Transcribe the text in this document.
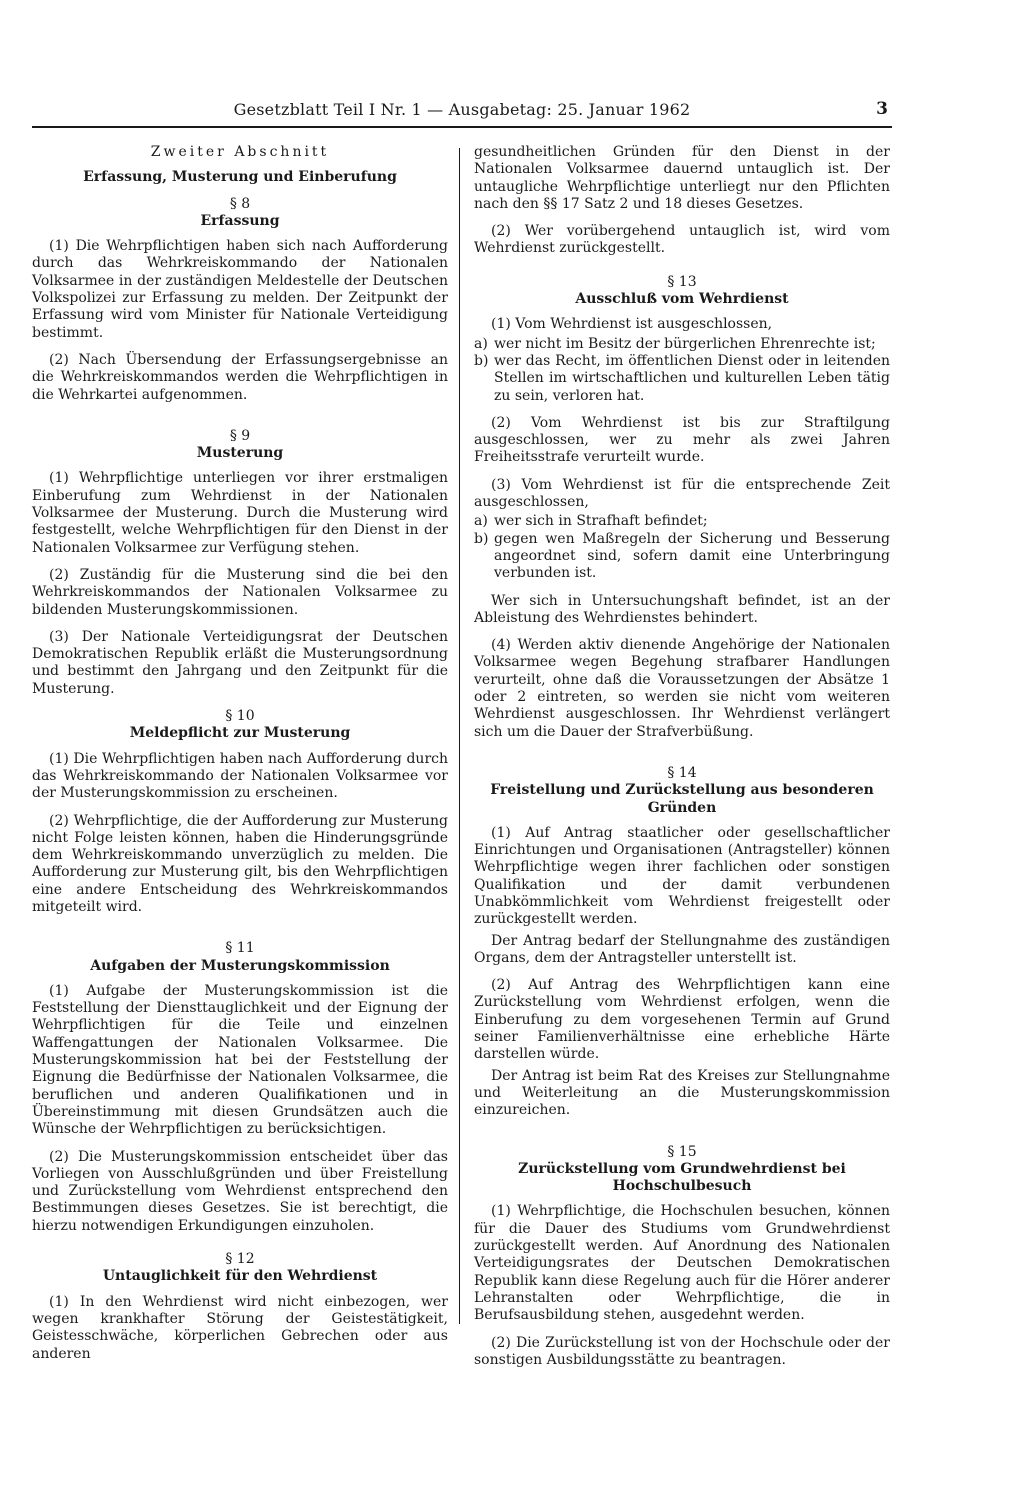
Gesetzblatt Teil I Nr. 1 — Ausgabetag: 25. Januar 1962	3
Zweiter Abschnitt
Erfassung, Musterung und Einberufung
§ 8
Erfassung

(1) Die Wehrpflichtigen haben sich nach Aufforderung durch das Wehrkreiskommando der Nationalen Volksarmee in der zuständigen Meldestelle der Deutschen Volkspolizei zur Erfassung zu melden. Der Zeitpunkt der Erfassung wird vom Minister für Nationale Verteidigung bestimmt.

(2) Nach Übersendung der Erfassungsergebnisse an die Wehrkreiskommandos werden die Wehrpflichtigen in die Wehrkartei aufgenommen.

§ 9
Musterung

(1) Wehrpflichtige unterliegen vor ihrer erstmaligen Einberufung zum Wehrdienst in der Nationalen Volksarmee der Musterung. Durch die Musterung wird festgestellt, welche Wehrpflichtigen für den Dienst in der Nationalen Volksarmee zur Verfügung stehen.

(2) Zuständig für die Musterung sind die bei den Wehrkreiskommandos der Nationalen Volksarmee zu bildenden Musterungskommissionen.

(3) Der Nationale Verteidigungsrat der Deutschen Demokratischen Republik erläßt die Musterungsordnung und bestimmt den Jahrgang und den Zeitpunkt für die Musterung.

§ 10
Meldepflicht zur Musterung

(1) Die Wehrpflichtigen haben nach Aufforderung durch das Wehrkreiskommando der Nationalen Volksarmee vor der Musterungskommission zu erscheinen.

(2) Wehrpflichtige, die der Aufforderung zur Musterung nicht Folge leisten können, haben die Hinderungsgründe dem Wehrkreiskommando unverzüglich zu melden. Die Aufforderung zur Musterung gilt, bis den Wehrpflichtigen eine andere Entscheidung des Wehrkreiskommandos mitgeteilt wird.

§ 11
Aufgaben der Musterungskommission

(1) Aufgabe der Musterungskommission ist die Feststellung der Diensttauglichkeit und der Eignung der Wehrpflichtigen für die Teile und einzelnen Waffengattungen der Nationalen Volksarmee. Die Musterungskommission hat bei der Feststellung der Eignung die Bedürfnisse der Nationalen Volksarmee, die beruflichen und anderen Qualifikationen und in Übereinstimmung mit diesen Grundsätzen auch die Wünsche der Wehrpflichtigen zu berücksichtigen.

(2) Die Musterungskommission entscheidet über das Vorliegen von Ausschlußgründen und über Freistellung und Zurückstellung vom Wehrdienst entsprechend den Bestimmungen dieses Gesetzes. Sie ist berechtigt, die hierzu notwendigen Erkundigungen einzuholen.

§ 12
Untauglichkeit für den Wehrdienst

(1) In den Wehrdienst wird nicht einbezogen, wer wegen krankhafter Störung der Geistestätigkeit, Geistesschwäche, körperlichen Gebrechen oder aus anderen

gesundheitlichen Gründen für den Dienst in der Nationalen Volksarmee dauernd untauglich ist. Der untaugliche Wehrpflichtige unterliegt nur den Pflichten nach den §§ 17 Satz 2 und 18 dieses Gesetzes.

(2) Wer vorübergehend untauglich ist, wird vom Wehrdienst zurückgestellt.

§ 13
Ausschluß vom Wehrdienst

(1) Vom Wehrdienst ist ausgeschlossen,

a) wer nicht im Besitz der bürgerlichen Ehrenrechte ist;
b) wer das Recht, im öffentlichen Dienst oder in leitenden Stellen im wirtschaftlichen und kulturellen Leben tätig zu sein, verloren hat.

(2) Vom Wehrdienst ist bis zur Straftilgung ausgeschlossen, wer zu mehr als zwei Jahren Freiheitsstrafe verurteilt wurde.

(3) Vom Wehrdienst ist für die entsprechende Zeit ausgeschlossen,

a) wer sich in Strafhaft befindet;
b) gegen wen Maßregeln der Sicherung und Besserung angeordnet sind, sofern damit eine Unterbringung verbunden ist.

Wer sich in Untersuchungshaft befindet, ist an der Ableistung des Wehrdienstes behindert.

(4) Werden aktiv dienende Angehörige der Nationalen Volksarmee wegen Begehung strafbarer Handlungen verurteilt, ohne daß die Voraussetzungen der Absätze 1 oder 2 eintreten, so werden sie nicht vom weiteren Wehrdienst ausgeschlossen. Ihr Wehrdienst verlängert sich um die Dauer der Strafverbüßung.

§ 14
Freistellung und Zurückstellung aus besonderen Gründen

(1) Auf Antrag staatlicher oder gesellschaftlicher Einrichtungen und Organisationen (Antragsteller) können Wehrpflichtige wegen ihrer fachlichen oder sonstigen Qualifikation und der damit verbundenen Unabkömmlichkeit vom Wehrdienst freigestellt oder zurückgestellt werden.

Der Antrag bedarf der Stellungnahme des zuständigen Organs, dem der Antragsteller unterstellt ist.

(2) Auf Antrag des Wehrpflichtigen kann eine Zurückstellung vom Wehrdienst erfolgen, wenn die Einberufung zu dem vorgesehenen Termin auf Grund seiner Familienverhältnisse eine erhebliche Härte darstellen würde.

Der Antrag ist beim Rat des Kreises zur Stellungnahme und Weiterleitung an die Musterungskommission einzureichen.

§ 15
Zurückstellung vom Grundwehrdienst bei Hochschulbesuch

(1) Wehrpflichtige, die Hochschulen besuchen, können für die Dauer des Studiums vom Grundwehrdienst zurückgestellt werden. Auf Anordnung des Nationalen Verteidigungsrates der Deutschen Demokratischen Republik kann diese Regelung auch für die Hörer anderer Lehranstalten oder Wehrpflichtige, die in Berufsausbildung stehen, ausgedehnt werden.

(2) Die Zurückstellung ist von der Hochschule oder der sonstigen Ausbildungsstätte zu beantragen.
